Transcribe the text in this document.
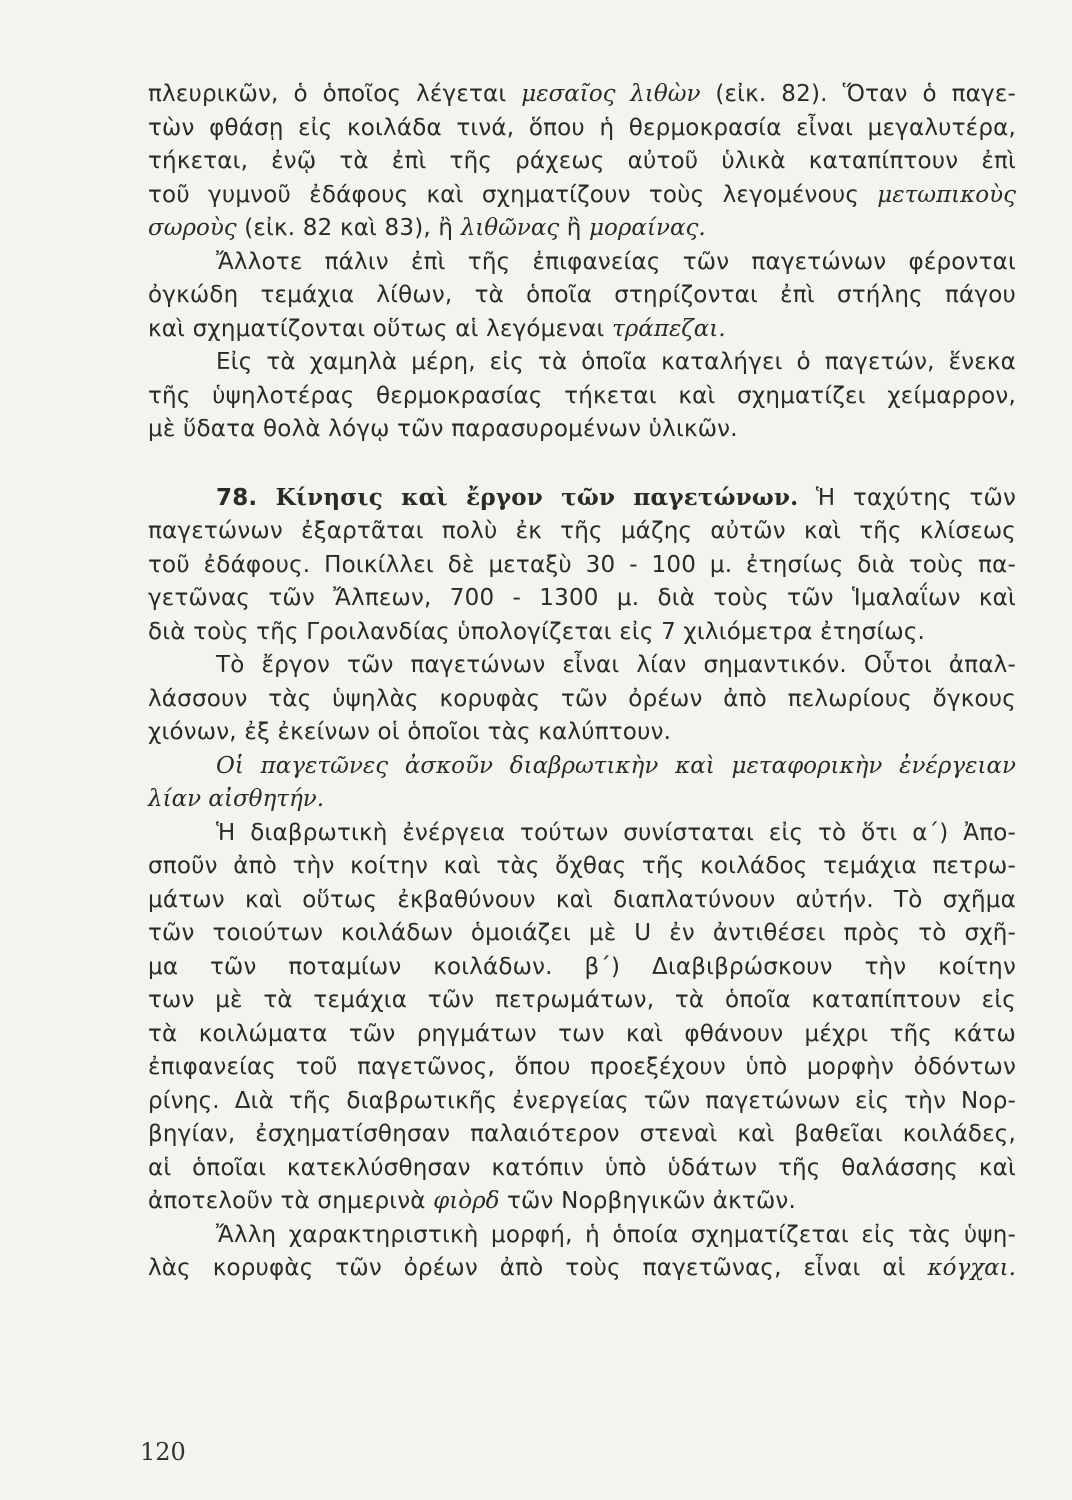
πλευρικῶν, ὁ ὁποῖος λέγεται μεσαῖος λιθὼν (εἰκ. 82). Ὅταν ὁ παγε-
τὼν φθάσῃ εἰς κοιλάδα τινά, ὅπου ἡ θερμοκρασία εἶναι μεγαλυτέρα,
τήκεται, ἐνῷ τὰ ἐπὶ τῆς ράχεως αὐτοῦ ὑλικὰ καταπίπτουν ἐπὶ
τοῦ γυμνοῦ ἐδάφους καὶ σχηματίζουν τοὺς λεγομένους μετωπικοὺς
σωροὺς (εἰκ. 82 καὶ 83), ἢ λιθῶνας ἢ μοραίνας.
Ἄλλοτε πάλιν ἐπὶ τῆς ἐπιφανείας τῶν παγετώνων φέρονται
ὀγκώδη τεμάχια λίθων, τὰ ὁποῖα στηρίζονται ἐπὶ στήλης πάγου
καὶ σχηματίζονται οὕτως αἱ λεγόμεναι τράπεζαι.
Εἰς τὰ χαμηλὰ μέρη, εἰς τὰ ὁποῖα καταλήγει ὁ παγετών, ἕνεκα
τῆς ὑψηλοτέρας θερμοκρασίας τήκεται καὶ σχηματίζει χείμαρρον,
μὲ ὕδατα θολὰ λόγῳ τῶν παρασυρομένων ὑλικῶν.
78. Κίνησις καὶ ἔργον τῶν παγετώνων. Ἡ ταχύτης τῶν
παγετώνων ἐξαρτᾶται πολὺ ἐκ τῆς μάζης αὐτῶν καὶ τῆς κλίσεως
τοῦ ἐδάφους. Ποικίλλει δὲ μεταξὺ 30 - 100 μ. ἐτησίως διὰ τοὺς πα-
γετῶνας τῶν Ἄλπεων, 700 - 1300 μ. διὰ τοὺς τῶν Ἱμαλαΐων καὶ
διὰ τοὺς τῆς Γροιλανδίας ὑπολογίζεται εἰς 7 χιλιόμετρα ἐτησίως.
Τὸ ἔργον τῶν παγετώνων εἶναι λίαν σημαντικόν. Οὗτοι ἀπαλ-
λάσσουν τὰς ὑψηλὰς κορυφὰς τῶν ὀρέων ἀπὸ πελωρίους ὄγκους
χιόνων, ἐξ ἐκείνων οἱ ὁποῖοι τὰς καλύπτουν.
Οἱ παγετῶνες ἀσκοῦν διαβρωτικὴν καὶ μεταφορικὴν ἐνέργειαν
λίαν αἰσθητήν.
Ἡ διαβρωτικὴ ἐνέργεια τούτων συνίσταται εἰς τὸ ὅτι α΄) Ἀπο-
σποῦν ἀπὸ τὴν κοίτην καὶ τὰς ὄχθας τῆς κοιλάδος τεμάχια πετρω-
μάτων καὶ οὕτως ἐκβαθύνουν καὶ διαπλατύνουν αὐτήν. Τὸ σχῆμα
τῶν τοιούτων κοιλάδων ὁμοιάζει μὲ U ἐν ἀντιθέσει πρὸς τὸ σχῆ-
μα τῶν ποταμίων κοιλάδων. β΄) Διαβιβρώσκουν τὴν κοίτην
των μὲ τὰ τεμάχια τῶν πετρωμάτων, τὰ ὁποῖα καταπίπτουν εἰς
τὰ κοιλώματα τῶν ρηγμάτων των καὶ φθάνουν μέχρι τῆς κάτω
ἐπιφανείας τοῦ παγετῶνος, ὅπου προεξέχουν ὑπὸ μορφὴν ὀδόντων
ρίνης. Διὰ τῆς διαβρωτικῆς ἐνεργείας τῶν παγετώνων εἰς τὴν Νορ-
βηγίαν, ἐσχηματίσθησαν παλαιότερον στεναὶ καὶ βαθεῖαι κοιλάδες,
αἱ ὁποῖαι κατεκλύσθησαν κατόπιν ὑπὸ ὑδάτων τῆς θαλάσσης καὶ
ἀποτελοῦν τὰ σημερινὰ φιὸρδ τῶν Νορβηγικῶν ἀκτῶν.
Ἄλλη χαρακτηριστικὴ μορφή, ἡ ὁποία σχηματίζεται εἰς τὰς ὑψη-
λὰς κορυφὰς τῶν ὀρέων ἀπὸ τοὺς παγετῶνας, εἶναι αἱ κόγχαι.
120
